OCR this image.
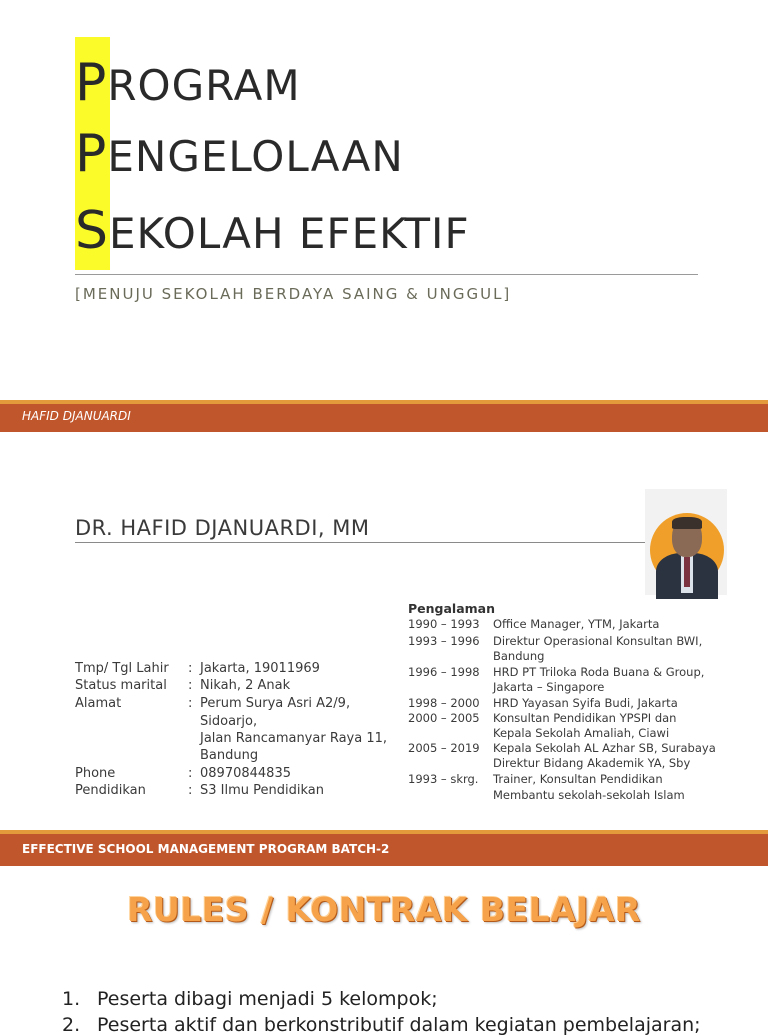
PROGRAM
PENGELOLAAN
SEKOLAH EFEKTIF
[MENUJU SEKOLAH BERDAYA SAING & UNGGUL]
HAFID DJANUARDI
DR. HAFID DJANUARDI, MM
Tmp/ Tgl Lahir : Jakarta, 19011969
Status marital : Nikah, 2 Anak
Alamat	: Perum Surya Asri A2/9,
Sidoarjo,
Jalan Rancamanyar Raya 11,
Bandung
Phone	: 08970844835
Pendidikan	: S3 Ilmu Pendidikan
Pengalaman
1990 – 1993 Office Manager, YTM, Jakarta
1993 – 1996 Direktur Operasional Konsultan BWI,
Bandung
1996 – 1998 HRD PT Triloka Roda Buana & Group,
Jakarta – Singapore
1998 – 2000 HRD Yayasan Syifa Budi, Jakarta
2000 – 2005 Konsultan Pendidikan YPSPI dan
Kepala Sekolah Amaliah, Ciawi
2005 – 2019 Kepala Sekolah AL Azhar SB, Surabaya
Direktur Bidang Akademik YA, Sby
1993 – skrg. Trainer, Konsultan Pendidikan
Membantu sekolah-sekolah Islam
EFFECTIVE SCHOOL MANAGEMENT PROGRAM BATCH-2
RULES / KONTRAK BELAJAR
1. Peserta dibagi menjadi 5 kelompok;
2. Peserta aktif dan berkonstributif dalam kegiatan pembelajaran;
